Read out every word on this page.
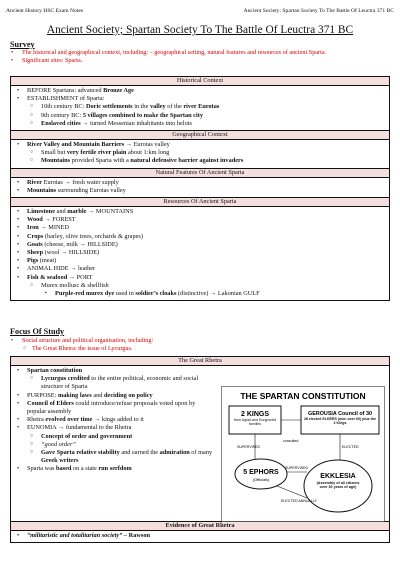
Ancient History HSC Exam Notes	Ancient Society: Spartan Society To The Battle Of Leuctra 371 BC
Ancient Society; Spartan Society To The Battle Of Leuctra 371 BC
Survey
• The historical and geographical context, including: – geographical setting, natural features and resources of ancient Sparta.
• Significant sites: Sparta.
Historical Context

• BEFORE Spartans: advanced Bronze Age
• ESTABLISHMENT of Sparta:
○ 10th century BC: Doric settlements in the valley of the river Eurotas
○ 9th century BC: 5 villages combined to make the Spartan city
○ Enslaved cities → turned Messenian inhabitants into helots

Geographical Context

• River Valley and Mountain Barriers → Eurotas valley
○ Small but very fertile river plain about 1:km long
○ Mountains provided Sparta with a natural defensive barrier against invaders

Natural Features Of Ancient Sparta

• River Eurotas → fresh water supply
• Mountains surrounding Eurotas valley

Resources Of Ancient Sparta

• Limestone and marble → MOUNTAINS
• Wood → FOREST
• Iron → MINED
• Crops (barley, olive trees, orchards & grapes)
• Goats (cheese, milk → HILLSIDE)
• Sheep (wool → HILLSIDE)
• Pigs (meat)
• ANIMAL HIDE → leather
• Fish & seafood → PORT
○ Murex mollusc & shellfish
▪ Purple-red murex dye used in soldier’s cloaks (distinctive) → Lakonian GULF
Focus Of Study
• Social structure and political organisation, including:
○ The Great Rhetra: the issue of Lycurgus.
The Great Rhetra

• Spartan constitution
○ Lycurgus credited to the entire political, economic and social structure of Sparta
• PURPOSE: making laws and deciding on policy
• Council of Elders could introduce/refuse proposals voted upon by popular assembly
• Rhetra evolved over time → kings added to it
• EUNOMIA → fundamental to the Rhetra
○ Concept of order and government
○ “good order”
○ Gave Sparta relative stability and earned the admiration of many Greek writers
• Sparta was based on a state run serfdom

Evidence of Great Rhetra

• “militaristic and totalitarian society” – Rawson
THE SPARTAN CONSTITUTION
2 KINGS
from Agiad and Eurypontid families
GEROUSIA Council of 30
28 elected ELDERS (men over 60) plus the 2 Kings
5 EPHORS
(Officials)	EKKLESIA
(Assembly of all citizens over 30 years of age)
SUPERVISED
consulted
ELECTED
SUPERVISED
ELECTED ANNUALLY
